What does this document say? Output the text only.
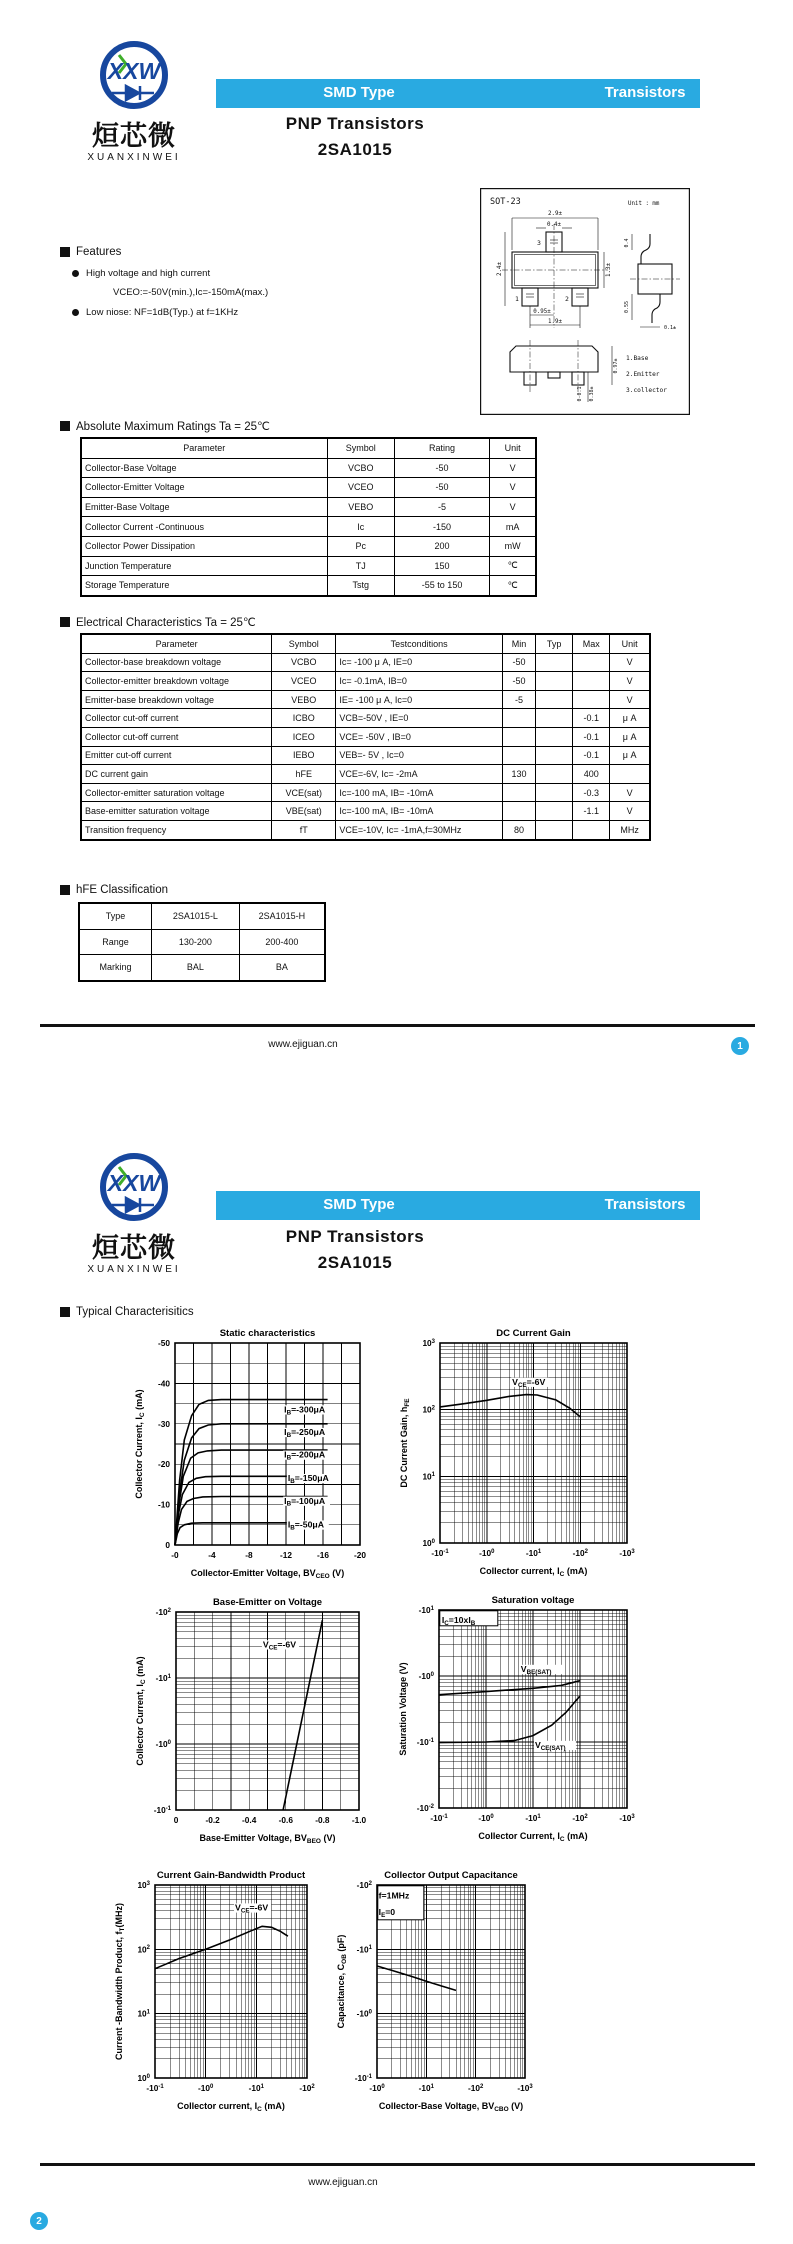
XXW
烜芯微
XUANXINWEI
SMD Type	Transistors
PNP Transistors
2SA1015
Features
High voltage and high current
VCEO:=-50V(min.),Ic=-150mA(max.)
Low niose: NF=1dB(Typ.) at f=1KHz
SOT-23	Unit : mm
2.9±
0.4±
3
2.4±	1.3±
1	2
0.95±
1.9±
0.4
0.55
0.1±
0.97±
0.38±
0-0.1
1.Base
2.Emitter
3.collector
Absolute Maximum Ratings Ta = 25℃
Parameter	Symbol	Rating	Unit
Collector-Base Voltage	VCBO	-50	V
Collector-Emitter Voltage	VCEO	-50	V
Emitter-Base Voltage	VEBO	-5	V
Collector Current -Continuous	Ic	-150	mA
Collector Power Dissipation	Pc	200	mW
Junction Temperature	TJ	150	℃
Storage Temperature	Tstg	-55 to 150	℃
Electrical Characteristics Ta = 25℃
Parameter	Symbol	Testconditions	Min	Typ	Max	Unit
Collector-base breakdown voltage	VCBO	Ic= -100 μ A, IE=0	-50			V
Collector-emitter breakdown voltage	VCEO	Ic= -0.1mA, IB=0	-50			V
Emitter-base breakdown voltage	VEBO	IE= -100 μ A, Ic=0	-5			V
Collector cut-off current	ICBO	VCB=-50V , IE=0			-0.1	μ A
Collector cut-off current	ICEO	VCE= -50V , IB=0			-0.1	μ A
Emitter cut-off current	IEBO	VEB=- 5V , Ic=0			-0.1	μ A
DC current gain	hFE	VCE=-6V, Ic= -2mA	130		400	
Collector-emitter saturation voltage	VCE(sat)	Ic=-100 mA, IB= -10mA			-0.3	V
Base-emitter saturation voltage	VBE(sat)	Ic=-100 mA, IB= -10mA			-1.1	V
Transition frequency	fT	VCE=-10V, Ic= -1mA,f=30MHz	80			MHz
hFE Classification
Type	2SA1015-L	2SA1015-H
Range	130-200	200-400
Marking	BAL	BA
www.ejiguan.cn	1
XXW
烜芯微
XUANXINWEI
SMD Type	Transistors
PNP Transistors
2SA1015
Typical Characterisitics
www.ejiguan.cn
2
$I_B=-300\mu A$
$I_B=-250\mu A$
$I_B=-200\mu A$
$I_B=-150\mu A$
$I_B=-100\mu A$
$I_B=-50\mu A$
-0	-4	-8	-12	-16	-20
0
-10
-20
-30
-40
-50
Collector-Emitter Voltage, $BV_{CEO}$ (V)
Collector Current, $I_C$ (mA)
Static characteristics
$V_{CE}=-6V$
$-10^{-1}$	$-10^0$	$-10^1$	$-10^2$	$-10^3$
$10^0$
$10^1$
$10^2$
$10^3$
Collector current, $I_C$ (mA)
DC Current Gain, $h_{FE}$
DC Current Gain
$V_{CE}=-6V$
0	-0.2	-0.4	-0.6	-0.8	-1.0
$-10^{-1}$
$-10^0$
$-10^1$
$-10^2$
Base-Emitter Voltage, $BV_{BEO}$ (V)
Collector Current, $I_C$ (mA)
Base-Emitter on Voltage
$V_{BE(SAT)}$
$V_{CE(SAT)}$
$I_C=10xI_B$
$-10^{-1}$	$-10^0$	$-10^1$	$-10^2$	$-10^3$
$-10^{-2}$
$-10^{-1}$
$-10^0$
$-10^1$
Collector Current, $I_C$ (mA)
Saturation Voltage (V)
Saturation voltage
$V_{CE}=-6V$
$-10^{-1}$	$-10^0$	$-10^1$	$-10^2$
$10^0$
$10^1$
$10^2$
$10^3$
Collector current, $I_C$ (mA)
Current -Bandwidth Product, $f_T(MHz)$
Current Gain-Bandwidth Product
f=1MHz
$I_E=0$
$-10^0$	$-10^1$	$-10^2$	$-10^3$
$-10^{-1}$
$-10^0$
$-10^1$
$-10^2$
Collector-Base Voltage, $BV_{CBO}$ (V)
Capacitance, $C_{OB}$ (pF)
Collector Output Capacitance
